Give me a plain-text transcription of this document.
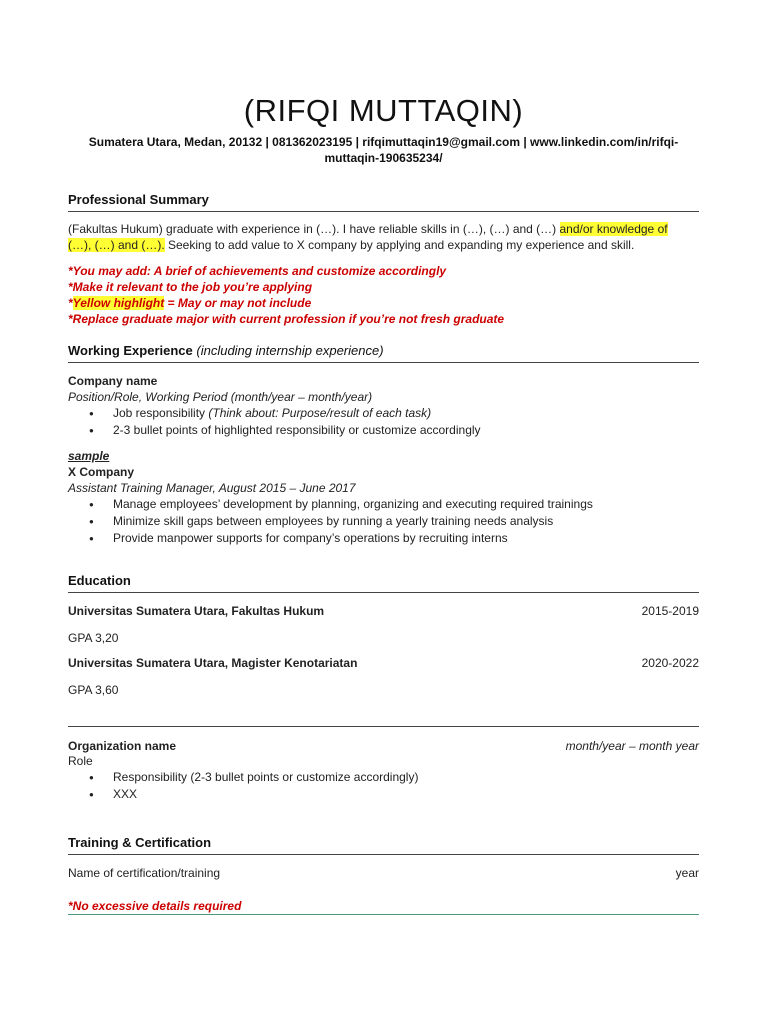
(RIFQI MUTTAQIN)
Sumatera Utara, Medan, 20132 | 081362023195 | rifqimuttaqin19@gmail.com | www.linkedin.com/in/rifqi-
muttaqin-190635234/
Professional Summary
(Fakultas Hukum) graduate with experience in (…). I have reliable skills in (…), (…) and (…) and/or knowledge of
(…), (…) and (…). Seeking to add value to X company by applying and expanding my experience and skill.
*You may add: A brief of achievements and customize accordingly
*Make it relevant to the job you’re applying
*Yellow highlight = May or may not include
*Replace graduate major with current profession if you’re not fresh graduate
Working Experience (including internship experience)
Company name
Position/Role, Working Period (month/year – month/year)
● Job responsibility (Think about: Purpose/result of each task)
● 2-3 bullet points of highlighted responsibility or customize accordingly
sample
X Company
Assistant Training Manager, August 2015 – June 2017
● Manage employees’ development by planning, organizing and executing required trainings
● Minimize skill gaps between employees by running a yearly training needs analysis
● Provide manpower supports for company’s operations by recruiting interns
Education
Universitas Sumatera Utara, Fakultas Hukum	2015-2019
GPA 3,20
Universitas Sumatera Utara, Magister Kenotariatan	2020-2022
GPA 3,60
Organization name	month/year – month year
Role
● Responsibility (2-3 bullet points or customize accordingly)
● XXX
Training & Certification
Name of certification/training	year
*No excessive details required
